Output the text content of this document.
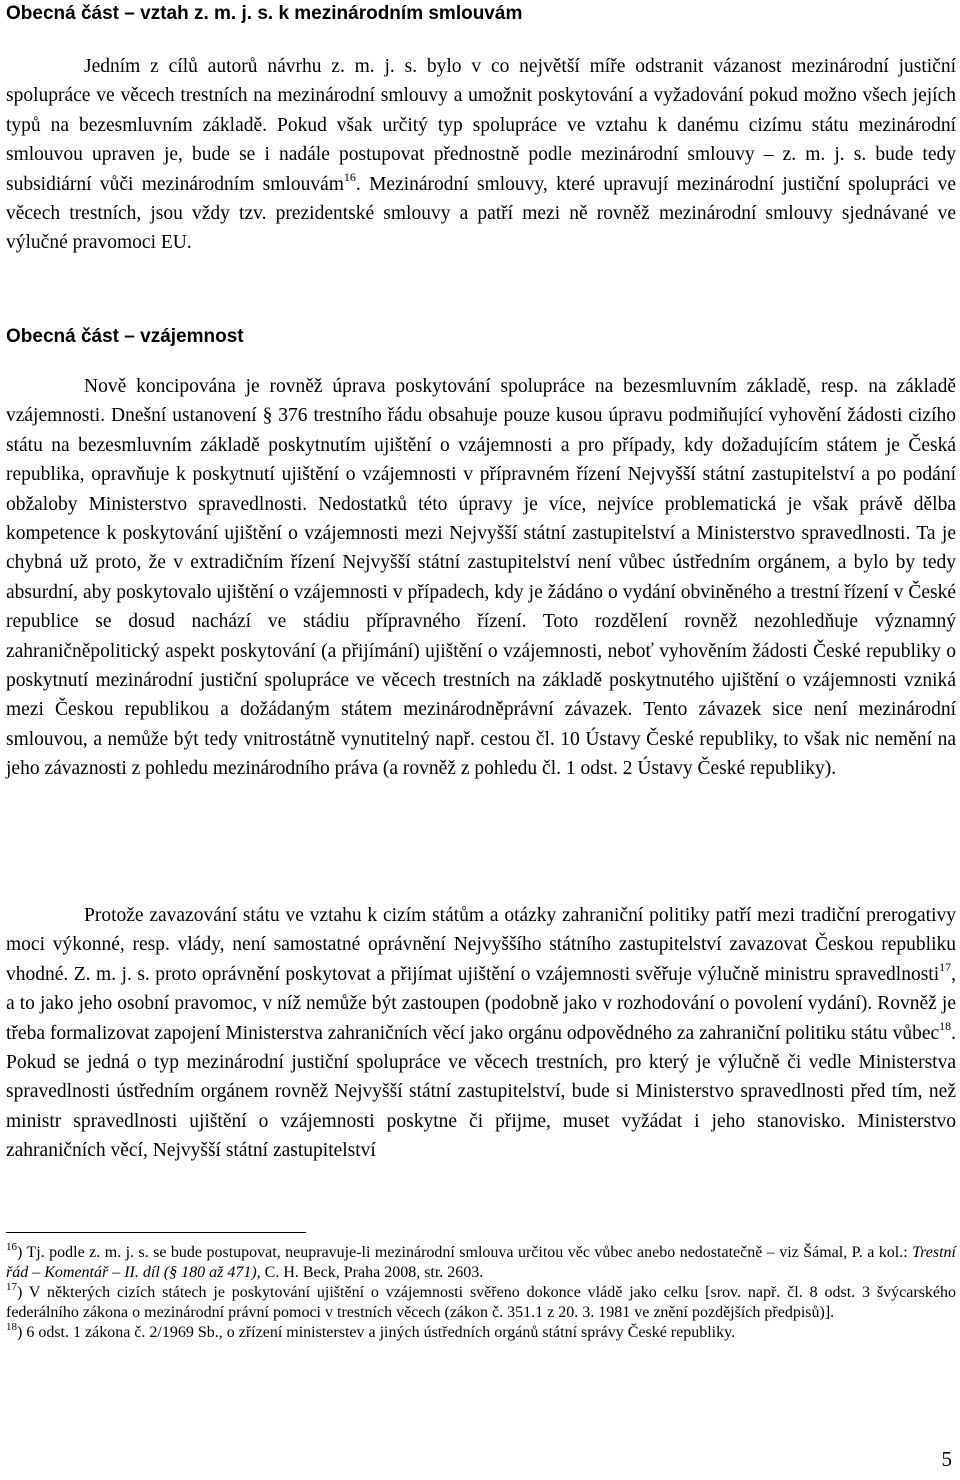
Obecná část – vztah z. m. j. s. k mezinárodním smlouvám

Jedním z cílů autorů návrhu z. m. j. s. bylo v co největší míře odstranit vázanost mezinárodní justiční spolupráce ve věcech trestních na mezinárodní smlouvy a umožnit poskytování a vyžadování pokud možno všech jejích typů na bezesmluvním základě. Pokud však určitý typ spolupráce ve vztahu k danému cizímu státu mezinárodní smlouvou upraven je, bude se i nadále postupovat přednostně podle mezinárodní smlouvy – z. m. j. s. bude tedy subsidiární vůči mezinárodním smlouvám$^{16}$. Mezinárodní smlouvy, které upravují mezinárodní justiční spolupráci ve věcech trestních, jsou vždy tzv. prezidentské smlouvy a patří mezi ně rovněž mezinárodní smlouvy sjednávané ve výlučné pravomoci EU.

Obecná část – vzájemnost

Nově koncipována je rovněž úprava poskytování spolupráce na bezesmluvním základě, resp. na základě vzájemnosti. Dnešní ustanovení § 376 trestního řádu obsahuje pouze kusou úpravu podmiňující vyhovění žádosti cizího státu na bezesmluvním základě poskytnutím ujištění o vzájemnosti a pro případy, kdy dožadujícím státem je Česká republika, opravňuje k poskytnutí ujištění o vzájemnosti v přípravném řízení Nejvyšší státní zastupitelství a po podání obžaloby Ministerstvo spravedlnosti. Nedostatků této úpravy je více, nejvíce problematická je však právě dělba kompetence k poskytování ujištění o vzájemnosti mezi Nejvyšší státní zastupitelství a Ministerstvo spravedlnosti. Ta je chybná už proto, že v extradičním řízení Nejvyšší státní zastupitelství není vůbec ústředním orgánem, a bylo by tedy absurdní, aby poskytovalo ujištění o vzájemnosti v případech, kdy je žádáno o vydání obviněného a trestní řízení v České republice se dosud nachází ve stádiu přípravného řízení. Toto rozdělení rovněž nezohledňuje významný zahraničněpolitický aspekt poskytování (a přijímání) ujištění o vzájemnosti, neboť vyhověním žádosti České republiky o poskytnutí mezinárodní justiční spolupráce ve věcech trestních na základě poskytnutého ujištění o vzájemnosti vzniká mezi Českou republikou a dožádaným státem mezinárodněprávní závazek. Tento závazek sice není mezinárodní smlouvou, a nemůže být tedy vnitrostátně vynutitelný např. cestou čl. 10 Ústavy České republiky, to však nic nemění na jeho závaznosti z pohledu mezinárodního práva (a rovněž z pohledu čl. 1 odst. 2 Ústavy České republiky).

Protože zavazování státu ve vztahu k cizím státům a otázky zahraniční politiky patří mezi tradiční prerogativy moci výkonné, resp. vlády, není samostatné oprávnění Nejvyššího státního zastupitelství zavazovat Českou republiku vhodné. Z. m. j. s. proto oprávnění poskytovat a přijímat ujištění o vzájemnosti svěřuje výlučně ministru spravedlnosti$^{17}$, a to jako jeho osobní pravomoc, v níž nemůže být zastoupen (podobně jako v rozhodování o povolení vydání). Rovněž je třeba formalizovat zapojení Ministerstva zahraničních věcí jako orgánu odpovědného za zahraniční politiku státu vůbec$^{18}$. Pokud se jedná o typ mezinárodní justiční spolupráce ve věcech trestních, pro který je výlučně či vedle Ministerstva spravedlnosti ústředním orgánem rovněž Nejvyšší státní zastupitelství, bude si Ministerstvo spravedlnosti před tím, než ministr spravedlnosti ujištění o vzájemnosti poskytne či přijme, muset vyžádat i jeho stanovisko. Ministerstvo zahraničních věcí, Nejvyšší státní zastupitelství

$^{16}$) Tj. podle z. m. j. s. se bude postupovat, neupravuje-li mezinárodní smlouva určitou věc vůbec anebo nedostatečně – viz Šámal, P. a kol.: Trestní řád – Komentář – II. díl (§ 180 až 471), C. H. Beck, Praha 2008, str. 2603.

$^{17}$) V některých cizích státech je poskytování ujištění o vzájemnosti svěřeno dokonce vládě jako celku [srov. např. čl. 8 odst. 3 švýcarského federálního zákona o mezinárodní právní pomoci v trestních věcech (zákon č. 351.1 z 20. 3. 1981 ve znění pozdějších předpisů)].

$^{18}$) 6 odst. 1 zákona č. 2/1969 Sb., o zřízení ministerstev a jiných ústředních orgánů státní správy České republiky.

5
